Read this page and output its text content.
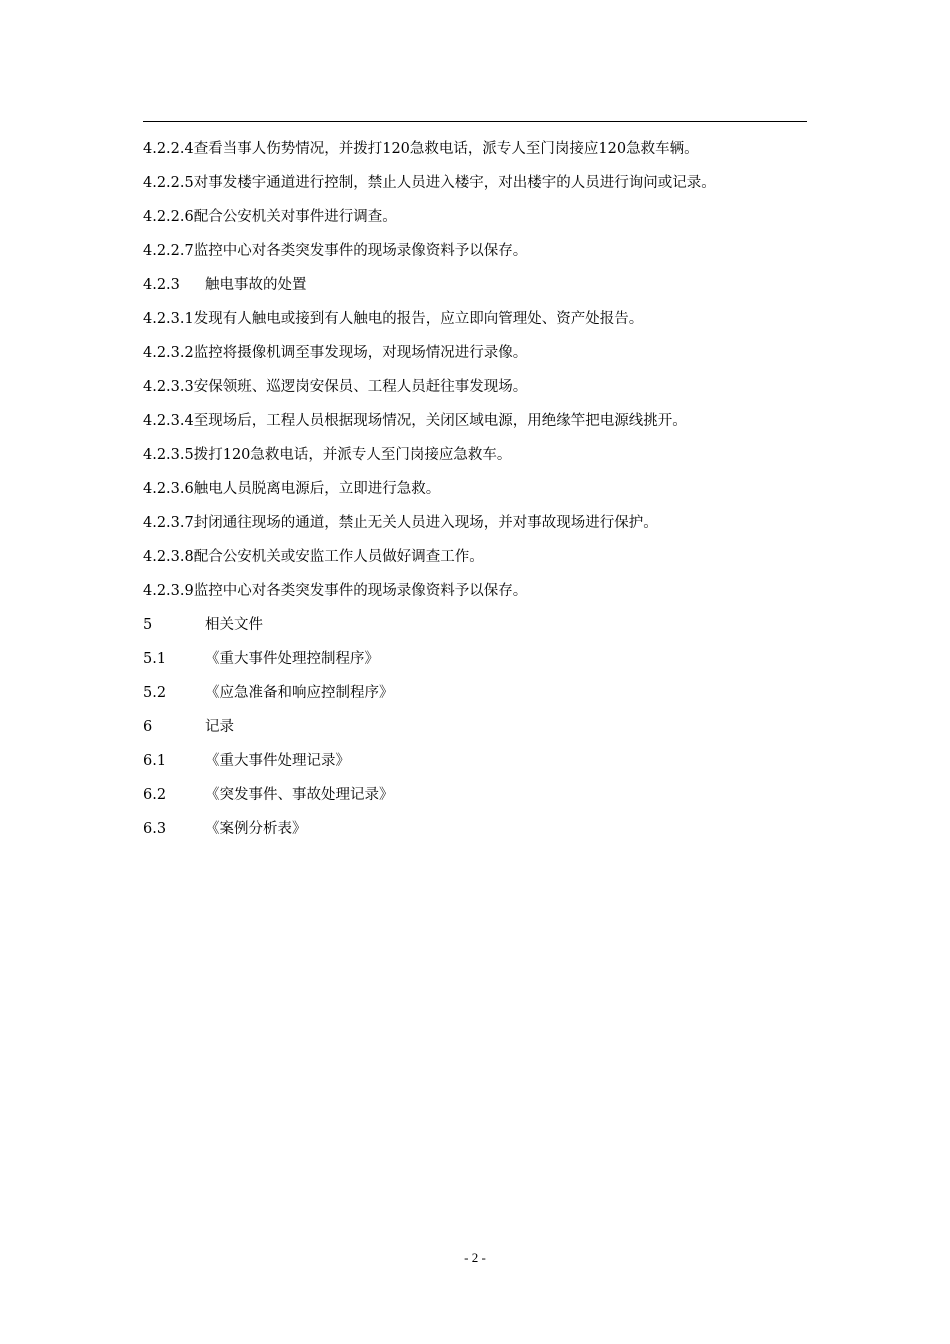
4.2.2.4 查看当事人伤势情况，并拨打120急救电话，派专人至门岗接应120急救车辆。
4.2.2.5 对事发楼宇通道进行控制，禁止人员进入楼宇，对出楼宇的人员进行询问或记录。
4.2.2.6 配合公安机关对事件进行调查。
4.2.2.7 监控中心对各类突发事件的现场录像资料予以保存。
4.2.3	触电事故的处置
4.2.3.1 发现有人触电或接到有人触电的报告，应立即向管理处、资产处报告。
4.2.3.2 监控将摄像机调至事发现场，对现场情况进行录像。
4.2.3.3 安保领班、巡逻岗安保员、工程人员赶往事发现场。
4.2.3.4 至现场后，工程人员根据现场情况，关闭区域电源，用绝缘竿把电源线挑开。
4.2.3.5 拨打120急救电话，并派专人至门岗接应急救车。
4.2.3.6 触电人员脱离电源后，立即进行急救。
4.2.3.7 封闭通往现场的通道，禁止无关人员进入现场，并对事故现场进行保护。
4.2.3.8 配合公安机关或安监工作人员做好调查工作。
4.2.3.9 监控中心对各类突发事件的现场录像资料予以保存。
5	相关文件
5.1	《重大事件处理控制程序》
5.2	《应急准备和响应控制程序》
6	记录
6.1	《重大事件处理记录》
6.2	《突发事件、事故处理记录》
6.3	《案例分析表》
- 2 -
